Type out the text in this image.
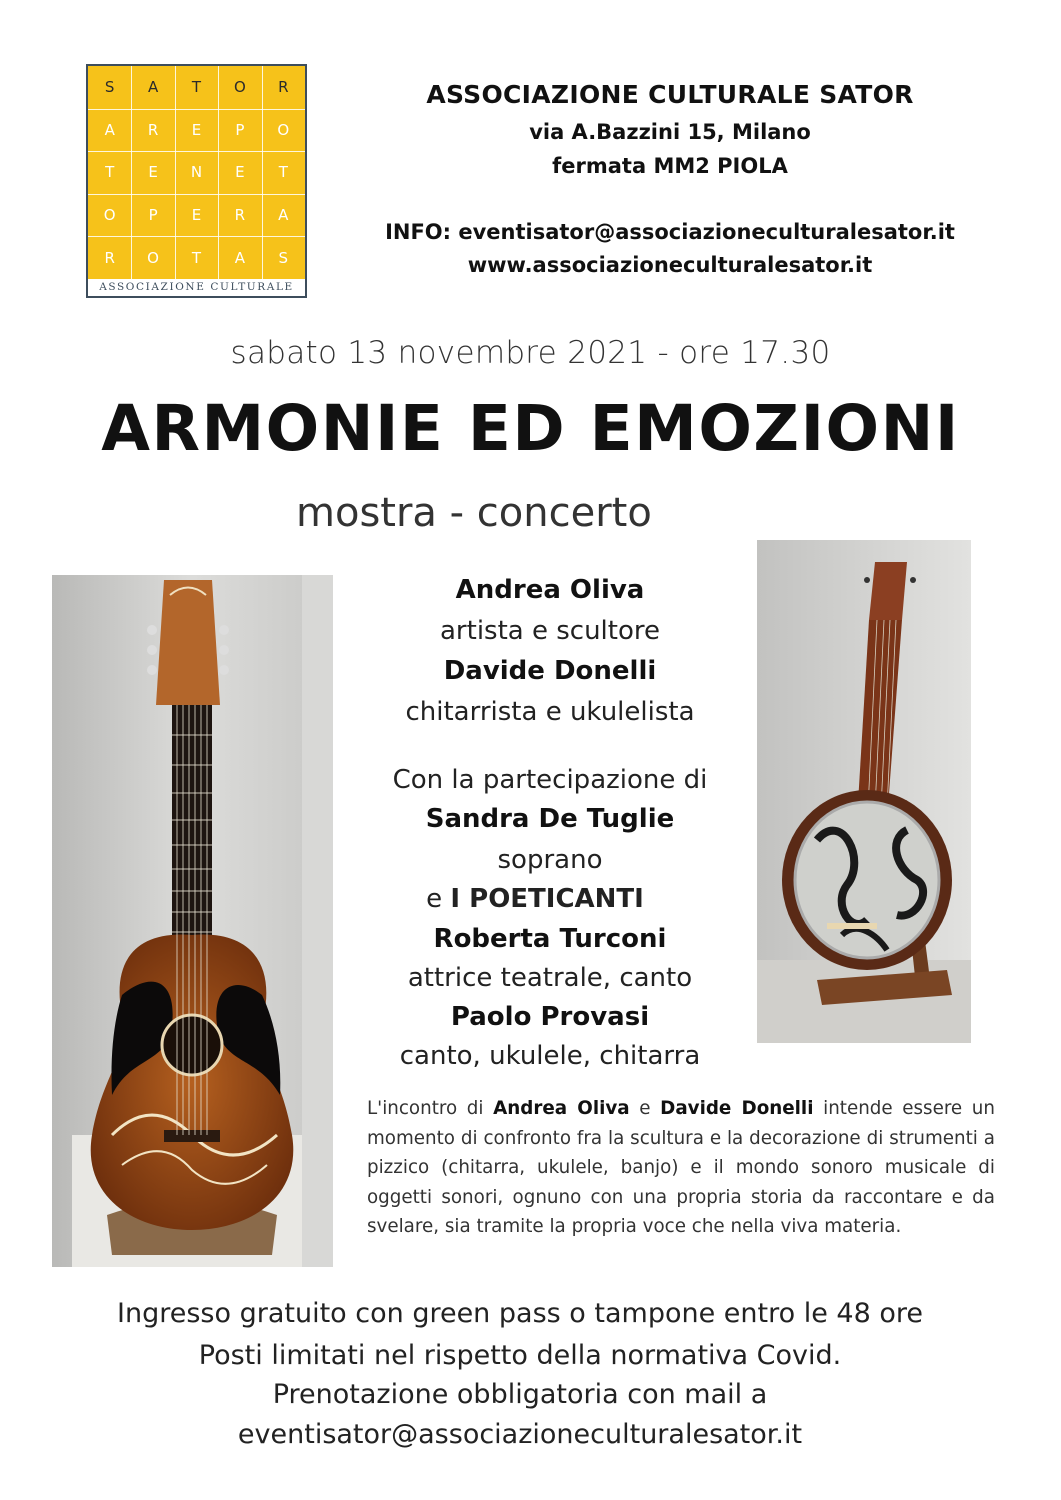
S	A	T	O	R
A	R	E	P	O
T	E	N	E	T
O	P	E	R	A
R	O	T	A	S
ASSOCIAZIONE CULTURALE
ASSOCIAZIONE CULTURALE SATOR
via A.Bazzini 15, Milano
fermata MM2 PIOLA
INFO: eventisator@associazioneculturalesator.it
www.associazioneculturalesator.it
sabato 13 novembre 2021 - ore 17.30
ARMONIE ED EMOZIONI
mostra - concerto
Andrea Oliva
artista e scultore
Davide Donelli
chitarrista e ukulelista
Con la partecipazione di
Sandra De Tuglie
soprano
e I POETICANTI
Roberta Turconi
attrice teatrale, canto
Paolo Provasi
canto, ukulele, chitarra
L'incontro di Andrea Oliva e Davide Donelli intende essere un momento di confronto fra la scultura e la decorazione di strumenti a pizzico (chitarra, ukulele, banjo) e il mondo sonoro musicale di oggetti sonori, ognuno con una propria storia da raccontare e da svelare, sia tramite la propria voce che nella viva materia.
Ingresso gratuito con green pass o tampone entro le 48 ore
Posti limitati nel rispetto della normativa Covid.
Prenotazione obbligatoria con mail a
eventisator@associazioneculturalesator.it
